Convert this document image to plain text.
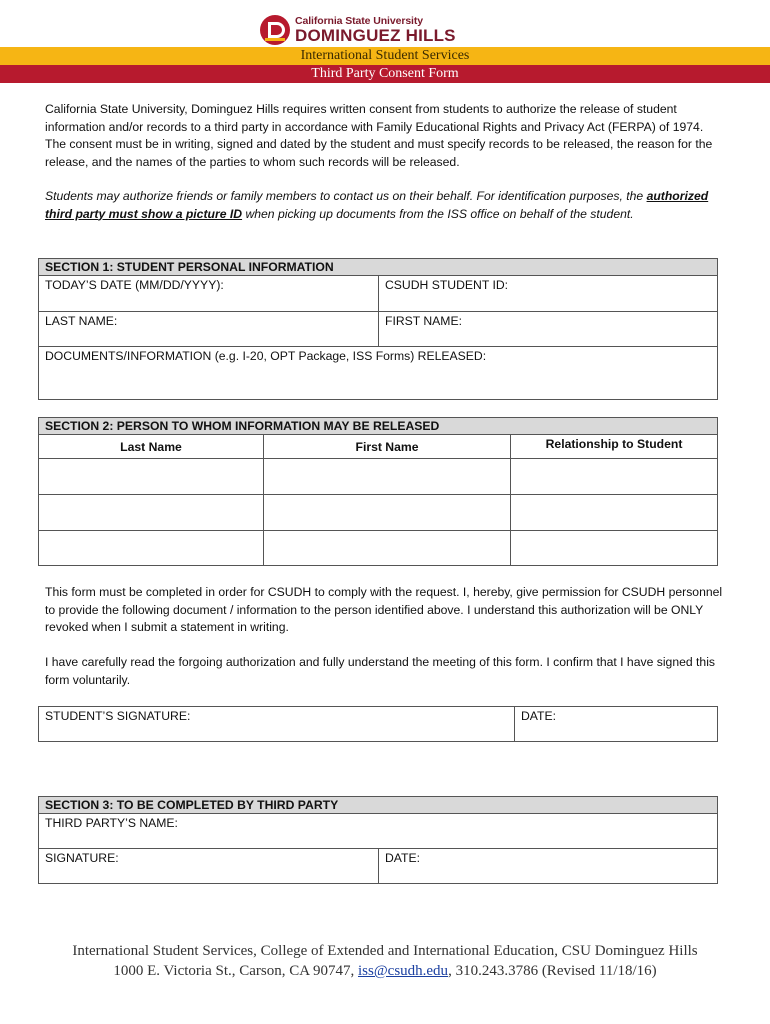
California State University
DOMINGUEZ HILLS
International Student Services
Third Party Consent Form
California State University, Dominguez Hills requires written consent from students to authorize the release of student information and/or records to a third party in accordance with Family Educational Rights and Privacy Act (FERPA) of 1974. The consent must be in writing, signed and dated by the student and must specify records to be released, the reason for the release, and the names of the parties to whom such records will be released.
Students may authorize friends or family members to contact us on their behalf. For identification purposes, the authorized third party must show a picture ID when picking up documents from the ISS office on behalf of the student.
SECTION 1: STUDENT PERSONAL INFORMATION	
TODAY’S DATE (MM/DD/YYYY):	CSUDH STUDENT ID:
LAST NAME:	FIRST NAME:
DOCUMENTS/INFORMATION (e.g. I-20, OPT Package, ISS Forms) RELEASED:	
SECTION 2: PERSON TO WHOM INFORMATION MAY BE RELEASED		
Last Name	First Name	Relationship to Student

This form must be completed in order for CSUDH to comply with the request. I, hereby, give permission for CSUDH personnel to provide the following document / information to the person identified above. I understand this authorization will be ONLY revoked when I submit a statement in writing.
I have carefully read the forgoing authorization and fully understand the meeting of this form. I confirm that I have signed this form voluntarily.
STUDENT’S SIGNATURE:	DATE:
SECTION 3: TO BE COMPLETED BY THIRD PARTY
THIRD PARTY’S NAME:
SIGNATURE:	DATE:
International Student Services, College of Extended and International Education, CSU Dominguez Hills
1000 E. Victoria St., Carson, CA 90747, iss@csudh.edu, 310.243.3786 (Revised 11/18/16)
